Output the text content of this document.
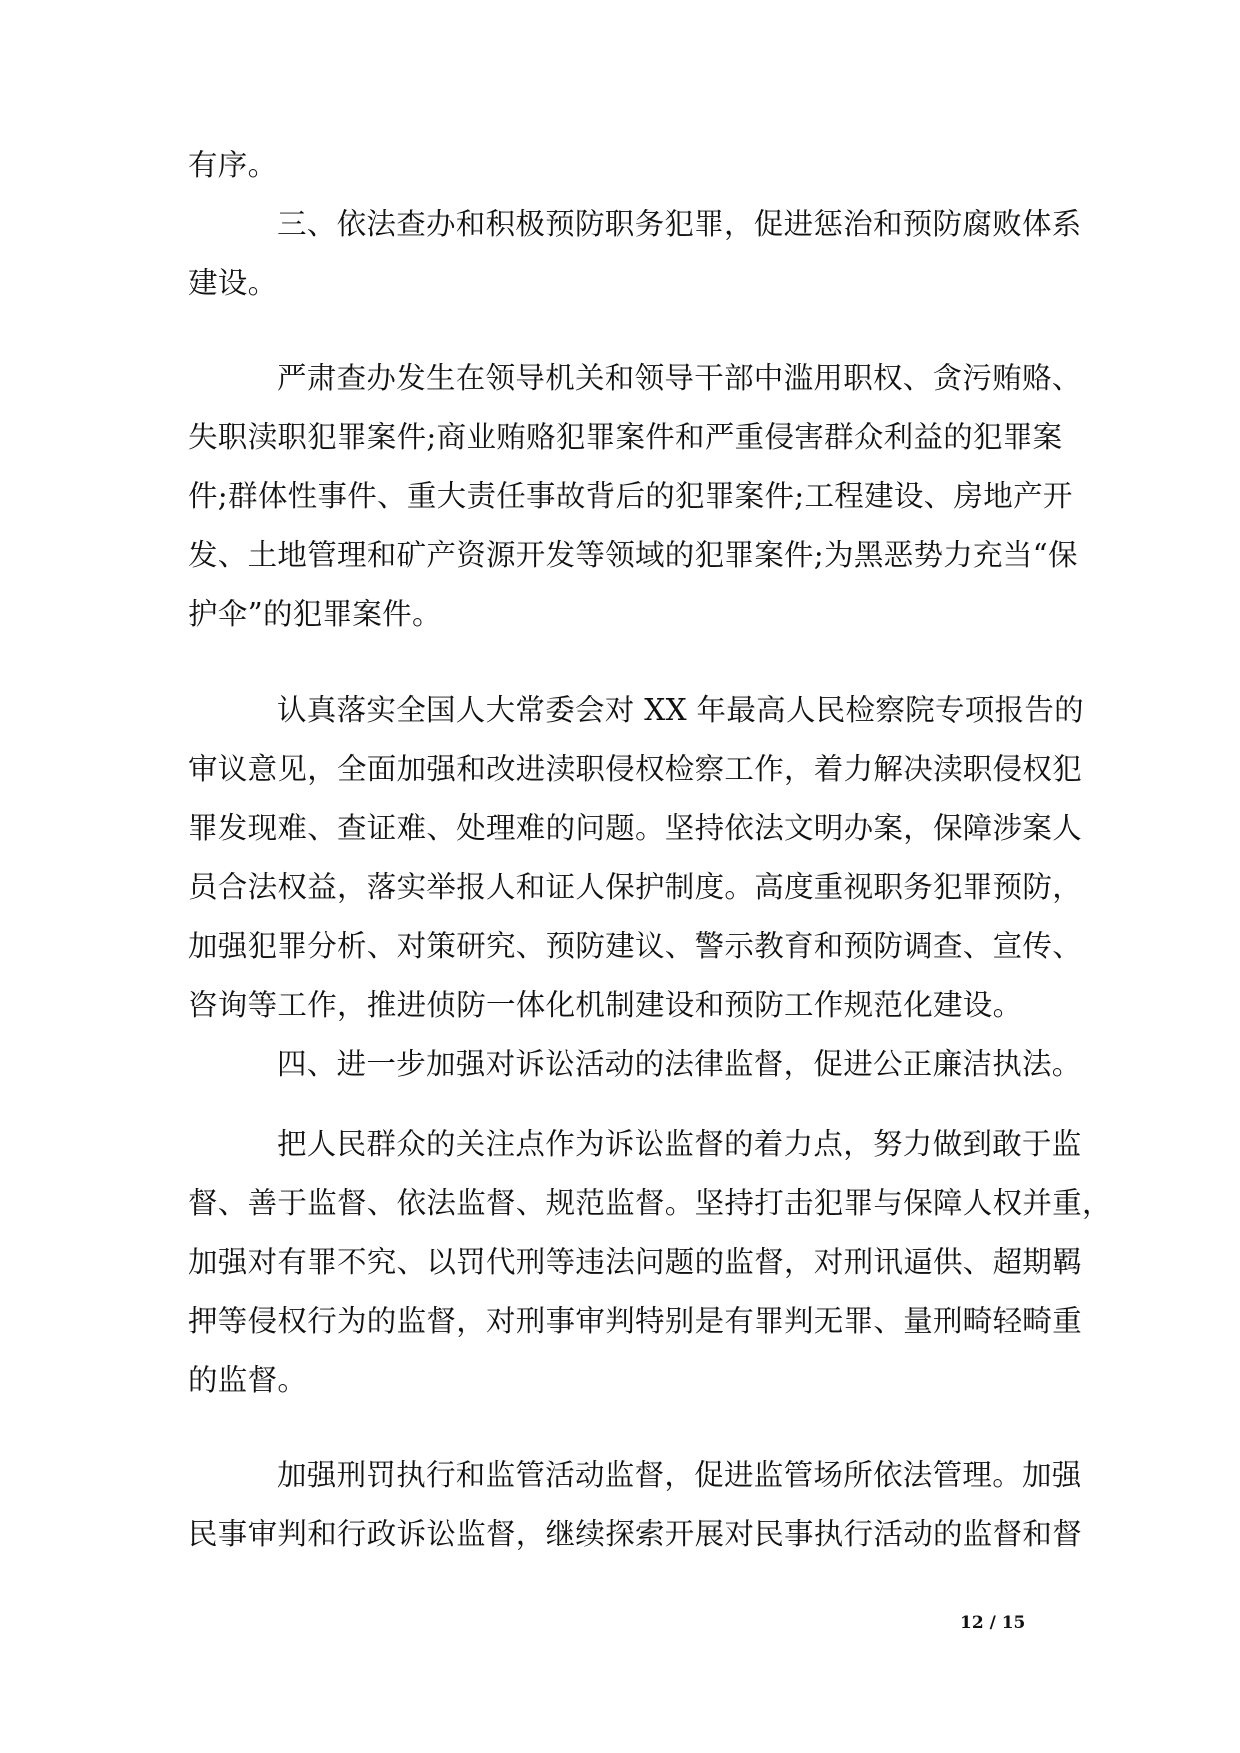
有序。
三、依法查办和积极预防职务犯罪，促进惩治和预防腐败体系
建设。
严肃查办发生在领导机关和领导干部中滥用职权、贪污贿赂、
失职渎职犯罪案件;商业贿赂犯罪案件和严重侵害群众利益的犯罪案
件;群体性事件、重大责任事故背后的犯罪案件;工程建设、房地产开
发、土地管理和矿产资源开发等领域的犯罪案件;为黑恶势力充当“保
护伞”的犯罪案件。
认真落实全国人大常委会对 XX 年最高人民检察院专项报告的
审议意见，全面加强和改进渎职侵权检察工作，着力解决渎职侵权犯
罪发现难、查证难、处理难的问题。坚持依法文明办案，保障涉案人
员合法权益，落实举报人和证人保护制度。高度重视职务犯罪预防，
加强犯罪分析、对策研究、预防建议、警示教育和预防调查、宣传、
咨询等工作，推进侦防一体化机制建设和预防工作规范化建设。
四、进一步加强对诉讼活动的法律监督，促进公正廉洁执法。
把人民群众的关注点作为诉讼监督的着力点，努力做到敢于监
督、善于监督、依法监督、规范监督。坚持打击犯罪与保障人权并重，
加强对有罪不究、以罚代刑等违法问题的监督，对刑讯逼供、超期羁
押等侵权行为的监督，对刑事审判特别是有罪判无罪、量刑畸轻畸重
的监督。
加强刑罚执行和监管活动监督，促进监管场所依法管理。加强
民事审判和行政诉讼监督，继续探索开展对民事执行活动的监督和督
12 / 15
